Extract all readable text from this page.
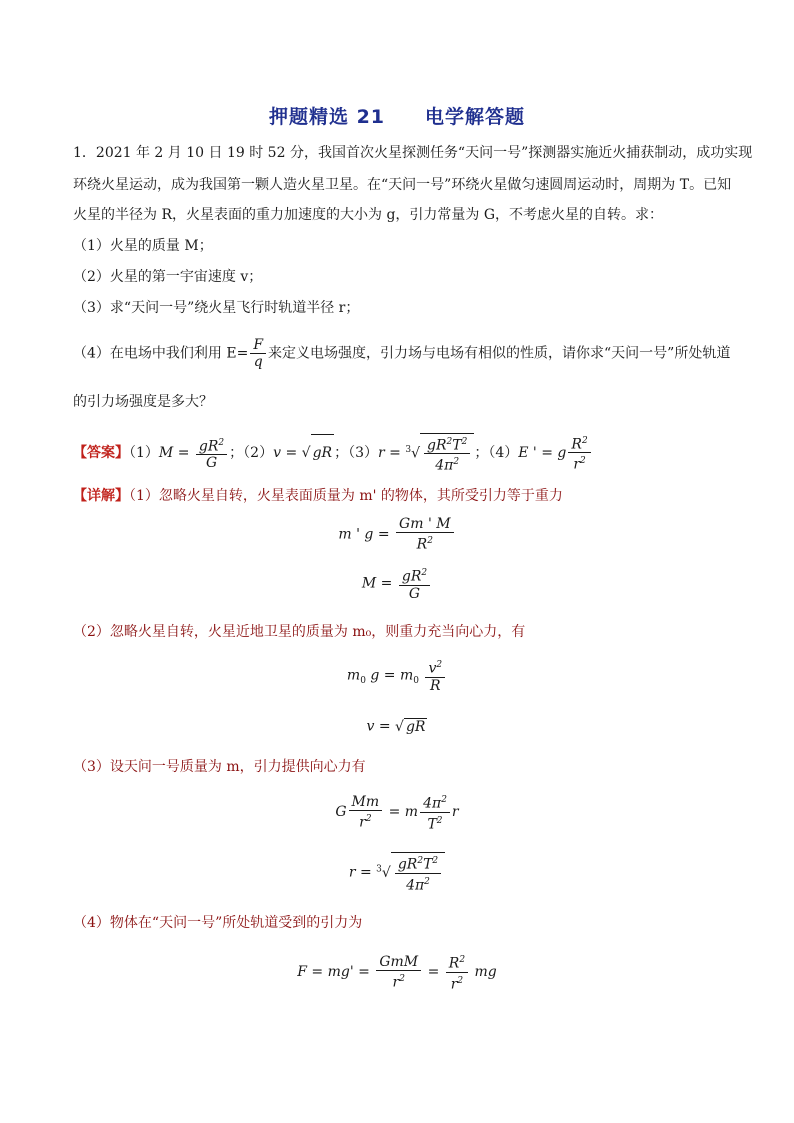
押题精选 21 电学解答题
1．2021 年 2 月 10 日 19 时 52 分，我国首次火星探测任务“天问一号”探测器实施近火捕获制动，成功实现
环绕火星运动，成为我国第一颗人造火星卫星。在“天问一号”环绕火星做匀速圆周运动时，周期为 T。已知
火星的半径为 R，火星表面的重力加速度的大小为 g，引力常量为 G，不考虑火星的自转。求：
（1）火星的质量 M；
（2）火星的第一宇宙速度 v；
（3）求“天问一号”绕火星飞行时轨道半径 r；
（4）在电场中我们利用 $E= \frac{F}{q}$ 来定义电场强度，引力场与电场有相似的性质，请你求“天问一号”所处轨道
的引力场强度是多大？
【答案】$(1)M = \frac{gR^2}{G}$ ；（2）v = √ gR ；$(3)r = ^3√ \frac{gR^2T^2}{4\pi^2}$ ；（4）E ' = g $\frac{R^2}{r^2}$
【详解】（1）忽略火星自转，火星表面质量为 m' 的物体，其所受引力等于重力
m ' $g = \frac{Gm ' M}{R^2}$
$M = \frac{gR^2}{G}$
（2）忽略火星自转，火星近地卫星的质量为 m₀，则重力充当向心力，有
$m_0$ $g = m_0 \frac{v^2}{R}$
v = √ gR
（3）设天问一号质量为 m，引力提供向心力有
G $\frac{Mm}{r^2} = m \frac{4\pi^2}{T^2}$ r
$r = ^3√ \frac{gR^2T^2}{4\pi^2}$
（4）物体在“天问一号”所处轨道受到的引力为
$F = mg' = \frac{\text{GmM}}{r^2} = \frac{R^2}{r^2}$ mg
